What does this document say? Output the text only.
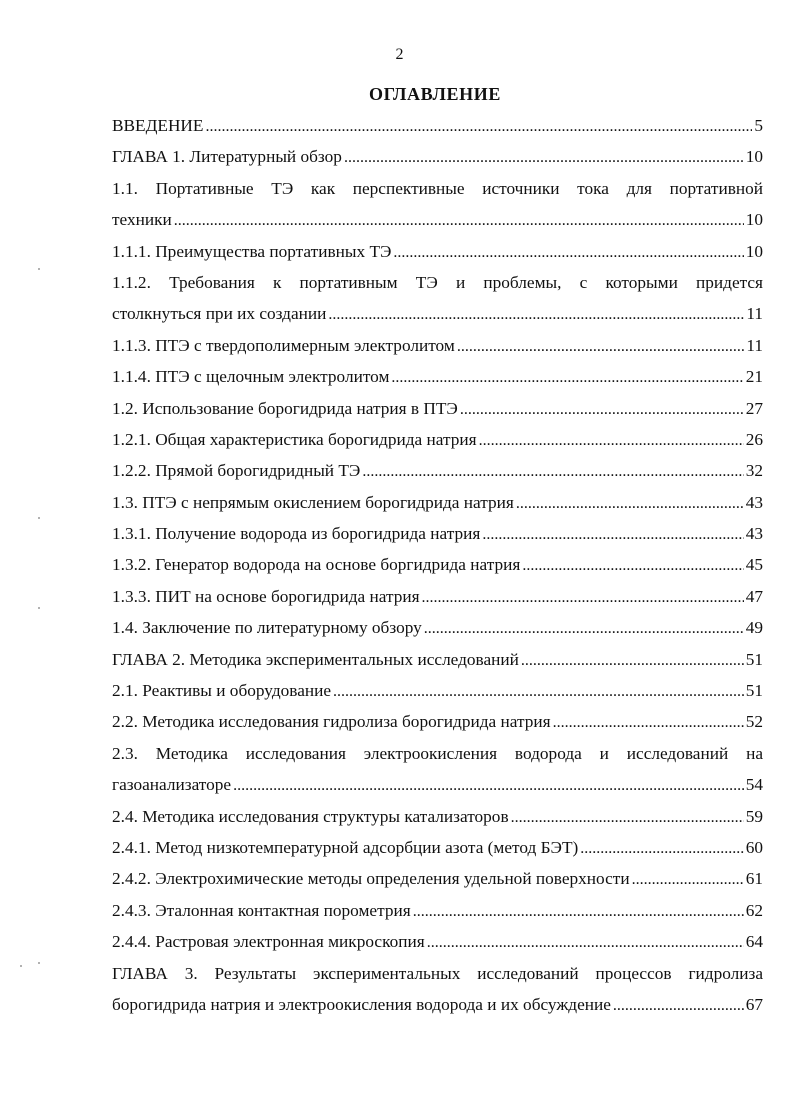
2
ОГЛАВЛЕНИЕ
ВВЕДЕНИЕ .....	5
ГЛАВА 1. Литературный обзор .....	10
1.1. Портативные ТЭ как перспективные источники тока для портативной
техники .....	10
1.1.1. Преимущества портативных ТЭ .....	10
1.1.2. Требования к портативным ТЭ и проблемы, с которыми придется
столкнуться при их создании .....	11
1.1.3. ПТЭ с твердополимерным электролитом .....	11
1.1.4. ПТЭ с щелочным электролитом .....	21
1.2. Использование борогидрида натрия в ПТЭ .....	27
1.2.1. Общая характеристика борогидрида натрия .....	26
1.2.2. Прямой борогидридный ТЭ .....	32
1.3. ПТЭ с непрямым окислением борогидрида натрия .....	43
1.3.1. Получение водорода из борогидрида натрия .....	43
1.3.2. Генератор водорода на основе боргидрида натрия .....	45
1.3.3. ПИТ на основе борогидрида натрия .....	47
1.4. Заключение по литературному обзору .....	49
ГЛАВА 2. Методика экспериментальных исследований .....	51
2.1. Реактивы и оборудование .....	51
2.2. Методика исследования гидролиза борогидрида натрия .....	52
2.3. Методика исследования электроокисления водорода и исследований на
газоанализаторе .....	54
2.4. Методика исследования структуры катализаторов .....	59
2.4.1. Метод низкотемпературной адсорбции азота (метод БЭТ) .....	60
2.4.2. Электрохимические методы определения удельной поверхности .....	61
2.4.3. Эталонная контактная порометрия .....	62
2.4.4. Растровая электронная микроскопия .....	64
ГЛАВА 3. Результаты экспериментальных исследований процессов гидролиза
борогидрида натрия и электроокисления водорода и их обсуждение .....	67
